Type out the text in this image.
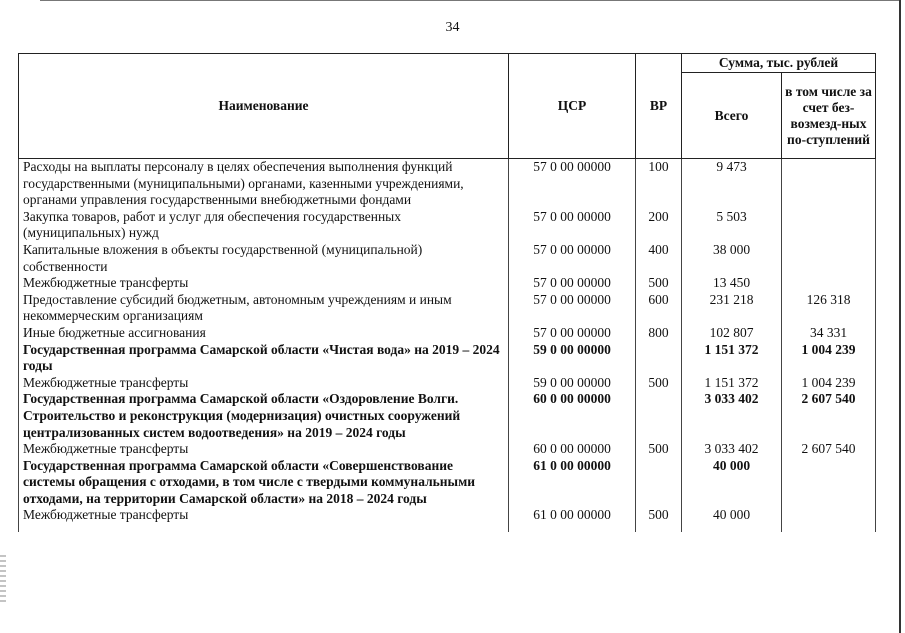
34
Наименование	ЦСР	ВР	Сумма, тыс. рублей	
			Всего	в том числе за счет без-возмезд-ных по-ступлений
Расходы на выплаты персоналу в целях обеспечения выполнения функций государственными (муниципальными) органами, казенными учреждениями, органами управления государственными внебюджетными фондами	57 0 00 00000	100	9 473	
Закупка товаров, работ и услуг для обеспечения государственных (муниципальных) нужд	57 0 00 00000	200	5 503	
Капитальные вложения в объекты государственной (муниципальной) собственности	57 0 00 00000	400	38 000	
Межбюджетные трансферты	57 0 00 00000	500	13 450	
Предоставление субсидий бюджетным, автономным учреждениям и иным некоммерческим организациям	57 0 00 00000	600	231 218	126 318
Иные бюджетные ассигнования	57 0 00 00000	800	102 807	34 331
Государственная программа Самарской области «Чистая вода» на 2019 – 2024 годы	59 0 00 00000		1 151 372	1 004 239
Межбюджетные трансферты	59 0 00 00000	500	1 151 372	1 004 239
Государственная программа Самарской области «Оздоровление Волги. Строительство и реконструкция (модернизация) очистных сооружений централизованных систем водоотведения» на 2019 – 2024 годы	60 0 00 00000		3 033 402	2 607 540
Межбюджетные трансферты	60 0 00 00000	500	3 033 402	2 607 540
Государственная программа Самарской области «Совершенствование системы обращения с отходами, в том числе с твердыми коммунальными отходами, на территории Самарской области» на 2018 – 2024 годы	61 0 00 00000		40 000	
Межбюджетные трансферты	61 0 00 00000	500	40 000	
